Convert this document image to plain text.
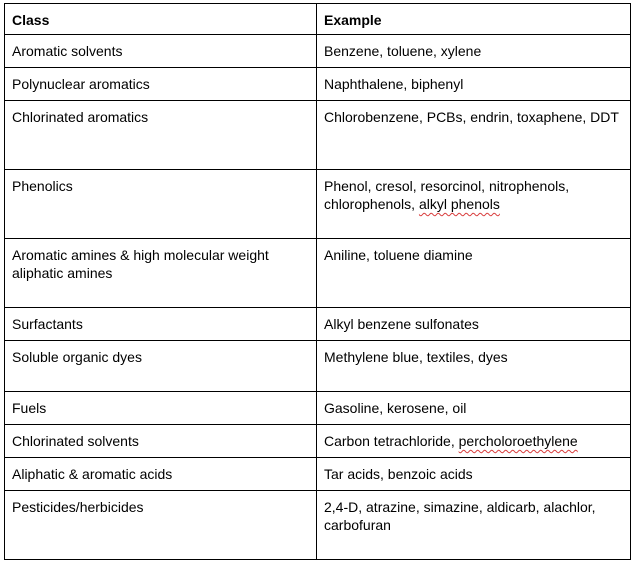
Class	Example
Aromatic solvents	Benzene, toluene, xylene
Polynuclear aromatics	Naphthalene, biphenyl
Chlorinated aromatics	Chlorobenzene, PCBs, endrin, toxaphene, DDT
Phenolics	Phenol, cresol, resorcinol, nitrophenols, chlorophenols, alkyl phenols
Aromatic amines & high molecular weight aliphatic amines	Aniline, toluene diamine
Surfactants	Alkyl benzene sulfonates
Soluble organic dyes	Methylene blue, textiles, dyes
Fuels	Gasoline, kerosene, oil
Chlorinated solvents	Carbon tetrachloride, percholoroethylene
Aliphatic & aromatic acids	Tar acids, benzoic acids
Pesticides/herbicides	2,4-D, atrazine, simazine, aldicarb, alachlor, carbofuran
